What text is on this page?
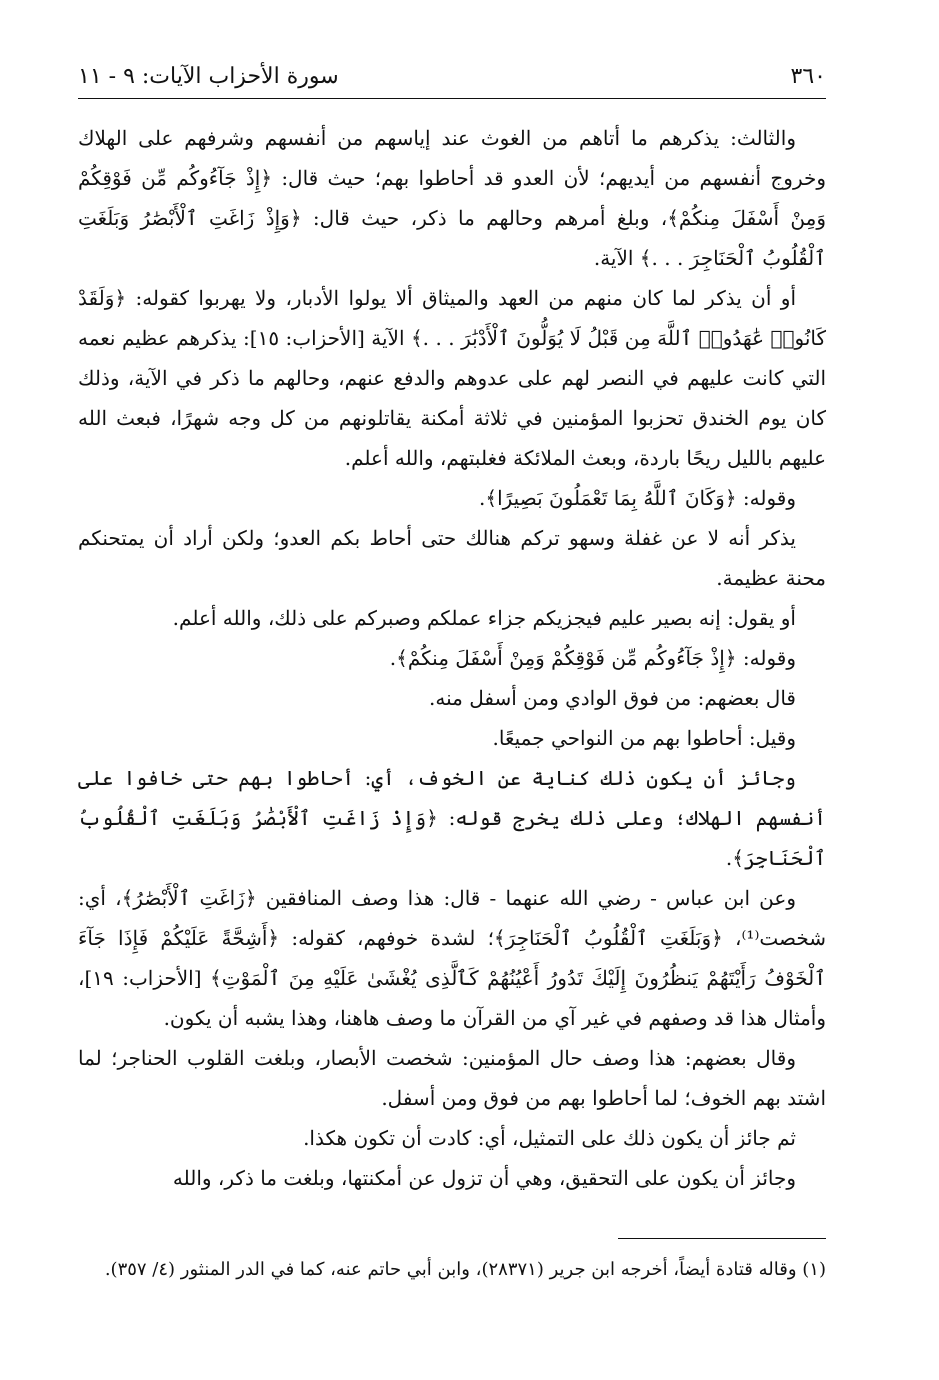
٣٦٠
سورة الأحزاب الآيات: ٩ - ١١

والثالث: يذكرهم ما أتاهم من الغوث عند إياسهم من أنفسهم وشرفهم على الهلاك وخروج أنفسهم من أيديهم؛ لأن العدو قد أحاطوا بهم؛ حيث قال: ﴿إِذْ جَآءُوكُم مِّن فَوْقِكُمْ وَمِنْ أَسْفَلَ مِنكُمْ﴾، وبلغ أمرهم وحالهم ما ذكر، حيث قال: ﴿وَإِذْ زَاغَتِ ٱلْأَبْصَٰرُ وَبَلَغَتِ ٱلْقُلُوبُ ٱلْحَنَاجِرَ . . .﴾ الآية.

أو أن يذكر لما كان منهم من العهد والميثاق ألا يولوا الأدبار، ولا يهربوا كقوله: ﴿وَلَقَدْ كَانُوا۟ عَٰهَدُوا۟ ٱللَّهَ مِن قَبْلُ لَا يُوَلُّونَ ٱلْأَدْبَٰرَ . . .﴾ الآية [الأحزاب: ١٥]: يذكرهم عظيم نعمه التي كانت عليهم في النصر لهم على عدوهم والدفع عنهم، وحالهم ما ذكر في الآية، وذلك كان يوم الخندق تحزبوا المؤمنين في ثلاثة أمكنة يقاتلونهم من كل وجه شهرًا، فبعث الله عليهم بالليل ريحًا باردة، وبعث الملائكة فغلبتهم، والله أعلم.

وقوله: ﴿وَكَانَ ٱللَّهُ بِمَا تَعْمَلُونَ بَصِيرًا﴾.

يذكر أنه لا عن غفلة وسهو تركم هنالك حتى أحاط بكم العدو؛ ولكن أراد أن يمتحنكم محنة عظيمة.

أو يقول: إنه بصير عليم فيجزيكم جزاء عملكم وصبركم على ذلك، والله أعلم.

وقوله: ﴿إِذْ جَآءُوكُم مِّن فَوْقِكُمْ وَمِنْ أَسْفَلَ مِنكُمْ﴾.

قال بعضهم: من فوق الوادي ومن أسفل منه.

وقيل: أحاطوا بهم من النواحي جميعًا.

وجائز أن يكون ذلك كناية عن الخوف، أي: أحاطوا بهم حتى خافوا على أنفسهم الهلاك؛ وعلى ذلك يخرج قوله: ﴿وَإِذْ زَاغَتِ ٱلْأَبْصَٰرُ وَبَلَغَتِ ٱلْقُلُوبُ ٱلْحَنَاجِرَ﴾.

وعن ابن عباس - رضي الله عنهما - قال: هذا وصف المنافقين ﴿زَاغَتِ ٱلْأَبْصَٰرُ﴾، أي: شخصت⁽¹⁾، ﴿وَبَلَغَتِ ٱلْقُلُوبُ ٱلْحَنَاجِرَ﴾؛ لشدة خوفهم، كقوله: ﴿أَشِحَّةً عَلَيْكُمْ فَإِذَا جَآءَ ٱلْخَوْفُ رَأَيْتَهُمْ يَنظُرُونَ إِلَيْكَ تَدُورُ أَعْيُنُهُمْ كَٱلَّذِى يُغْشَىٰ عَلَيْهِ مِنَ ٱلْمَوْتِ﴾ [الأحزاب: ١٩]، وأمثال هذا قد وصفهم في غير آي من القرآن ما وصف هاهنا، وهذا يشبه أن يكون.

وقال بعضهم: هذا وصف حال المؤمنين: شخصت الأبصار، وبلغت القلوب الحناجر؛ لما اشتد بهم الخوف؛ لما أحاطوا بهم من فوق ومن أسفل.

ثم جائز أن يكون ذلك على التمثيل، أي: كادت أن تكون هكذا.

وجائز أن يكون على التحقيق، وهي أن تزول عن أمكنتها، وبلغت ما ذكر، والله

(١) وقاله قتادة أيضاً، أخرجه ابن جرير (٢٨٣٧١)، وابن أبي حاتم عنه، كما في الدر المنثور (٤/ ٣٥٧).
